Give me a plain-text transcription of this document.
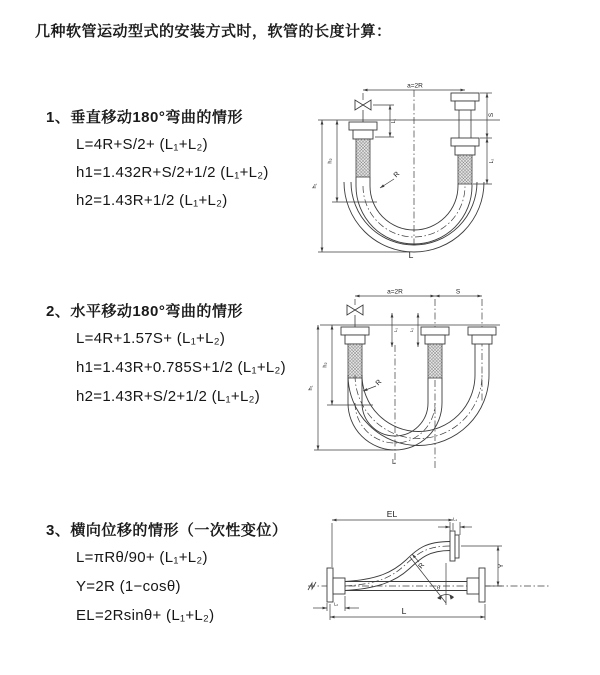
几种软管运动型式的安装方式时，软管的长度计算：
1、垂直移动180°弯曲的情形
L=4R+S/2+ (L₁+L₂)
h1=1.432R+S/2+1/2 (L₁+L₂)
h2=1.43R+1/2 (L₁+L₂)
2、水平移动180°弯曲的情形
L=4R+1.57S+ (L₁+L₂)
h1=1.43R+0.785S+1/2 (L₁+L₂)
h2=1.43R+S/2+1/2 (L₁+L₂)
3、横向位移的情形（一次性变位）
L=πRθ/90+ (L₁+L₂)
Y=2R (1−cosθ)
EL=2Rsinθ+ (L₁+L₂)
a=2R
h₁
h₂
L₁
S
L₂
R
L
a=2R	S
h₁
h₂
L₁ L₂
R
L
EL	L₁
Y
θ
R
L
L₂
